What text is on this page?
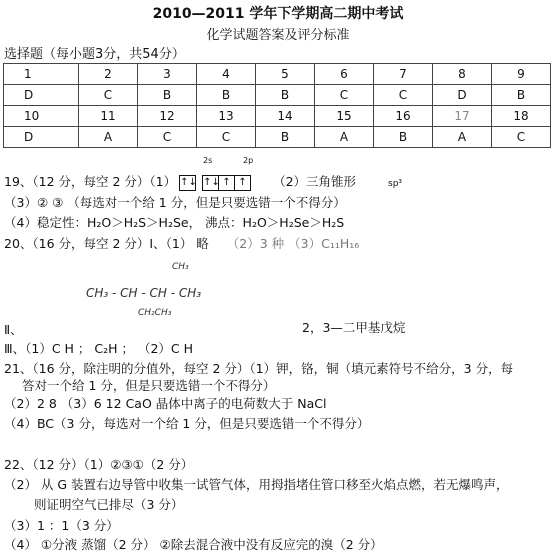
2010—2011 学年下学期高二期中考试
化学试题答案及评分标准
选择题（每小题3分，共54分）
1	2	3	4	5	6	7	8	9
D	C	B	B	B	C	C	D	B
10	11	12	13	14	15	16	17	18
D	A	C	C	B	A	B	A	C
2s	2p
19、（12 分，每空 2 分）（1） ↑↓ ↑↓ ↑ ↑ （2）三角锥形	sp³
（3）② ③ （每选对一个给 1 分，但是只要选错一个不得分）
（4）稳定性：H₂O＞H₂S＞H₂Se， 沸点：H₂O＞H₂Se＞H₂S
20、（16 分，每空 2 分）Ⅰ、（1） 略 （2）3 种 （3）C₁₁H₁₆
CH₃
CH₃ - CH - CH - CH₃
CH₂CH₃
Ⅱ、	2，3—二甲基戊烷
Ⅲ、（1）C H ； C₂H ； （2）C H
21、（16 分，除注明的分值外，每空 2 分）（1）钾，铬，铜（填元素符号不给分，3 分，每
答对一个给 1 分，但是只要选错一个不得分）
（2）2 8 （3）6 12 CaO 晶体中离子的电荷数大于 NaCl
（4）BC（3 分，每选对一个给 1 分，但是只要选错一个不得分）
22、（12 分）（1）②③①（2 分）
（2） 从 G 装置右边导管中收集一试管气体，用拇指堵住管口移至火焰点燃，若无爆鸣声，
则证明空气已排尽（3 分）
（3）1 ：1（3 分）
（4） ①分液 蒸馏（2 分） ②除去混合液中没有反应完的溴（2 分）
